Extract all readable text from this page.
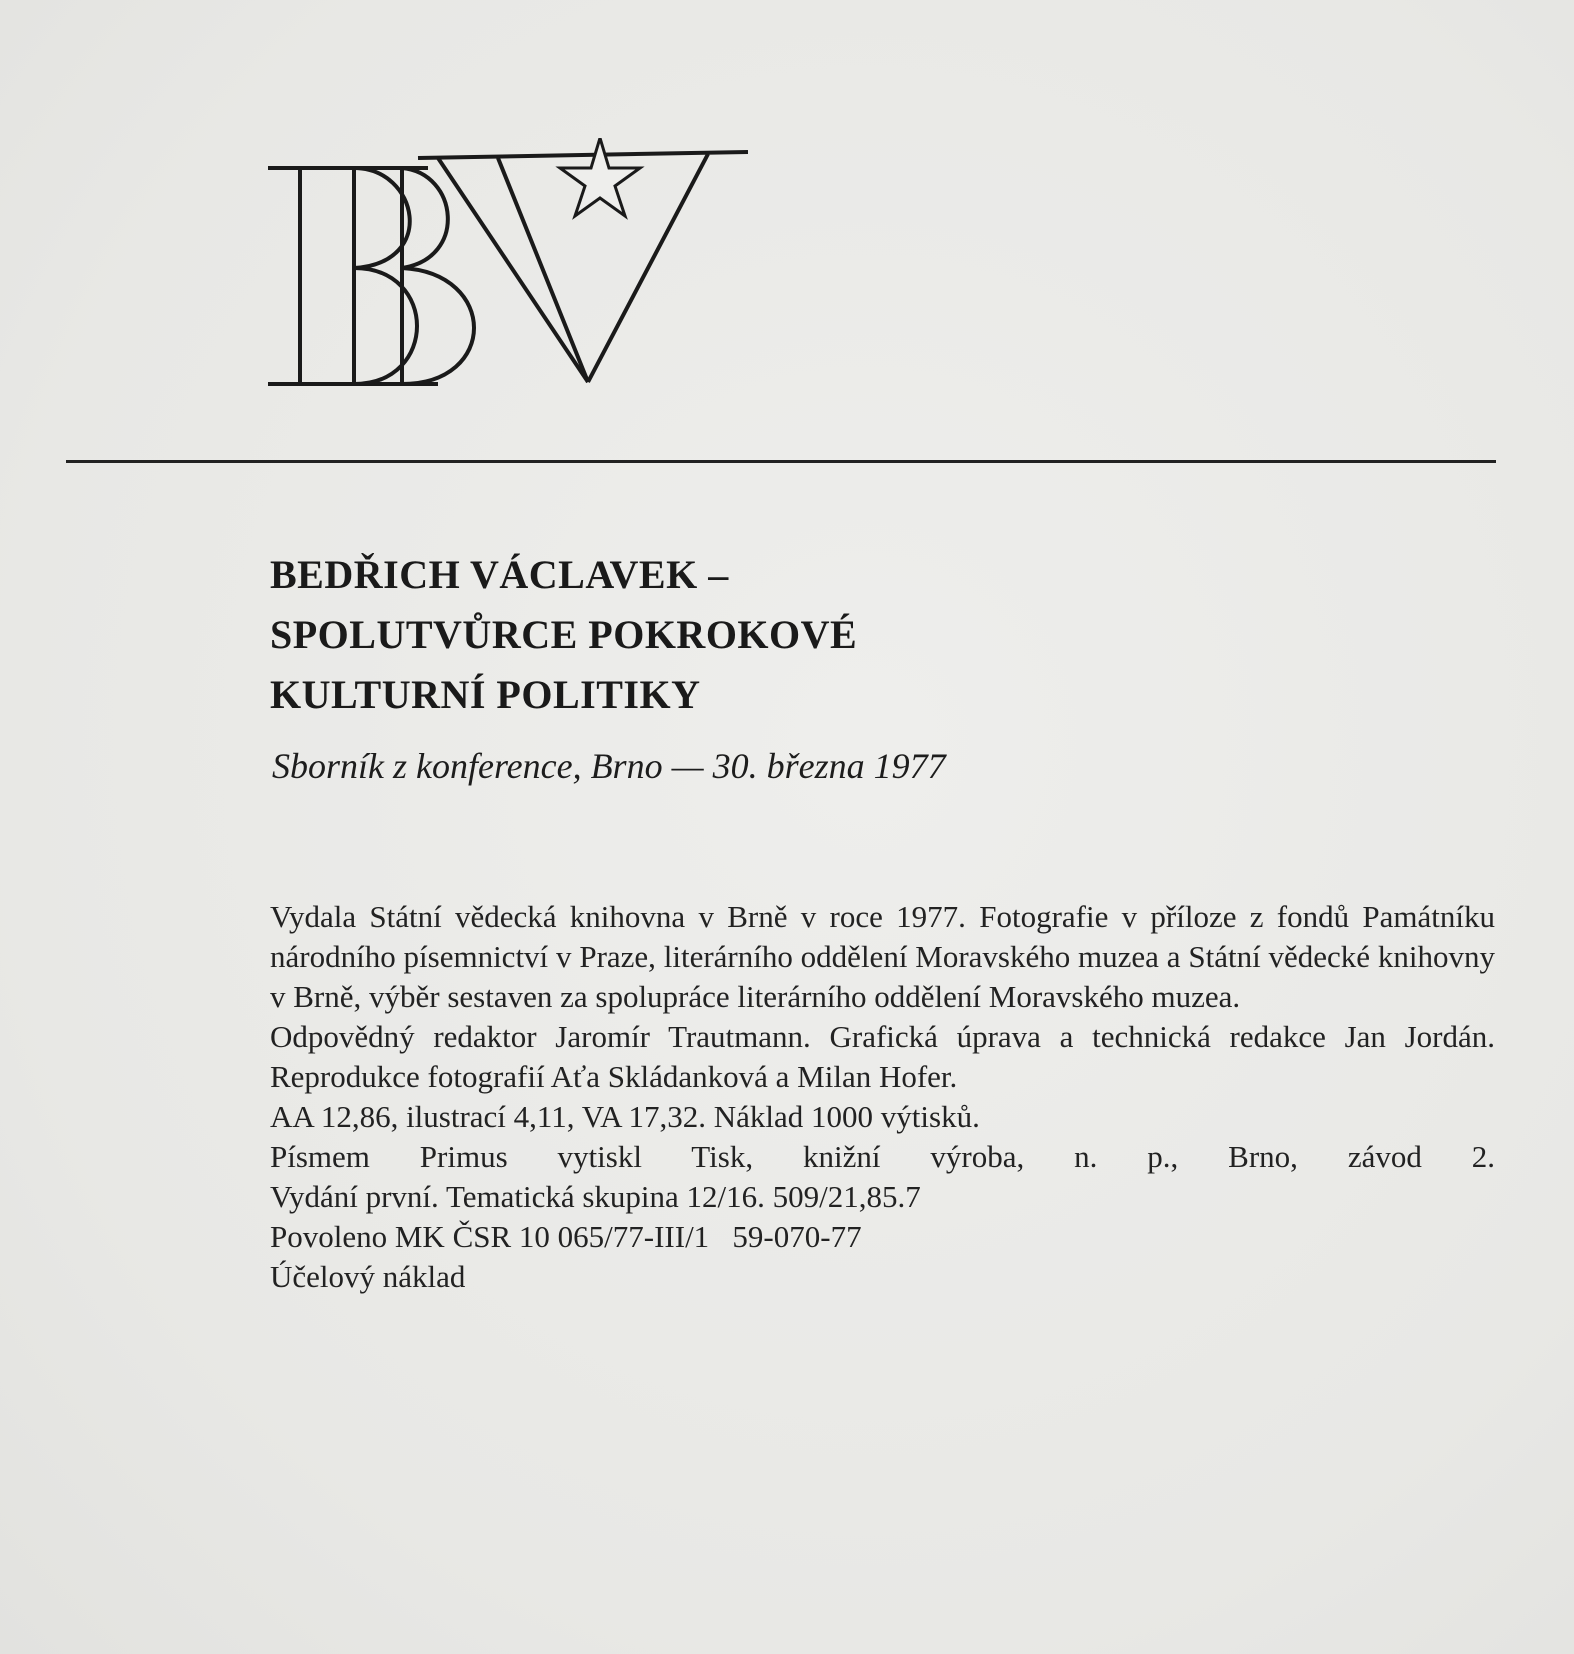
BEDŘICH VÁCLAVEK –
SPOLUTVŮRCE POKROKOVÉ
KULTURNÍ POLITIKY
Sborník z konference, Brno — 30. března 1977
Vydala Státní vědecká knihovna v Brně v roce 1977. Fotografie v příloze z fondů Památníku národního písemnictví v Praze, literárního oddělení Moravského muzea a Státní vědecké knihovny v Brně, výběr sestaven za spolupráce literárního oddělení Moravského muzea.
Odpovědný redaktor Jaromír Trautmann. Grafická úprava a technická redakce Jan Jordán. Reprodukce fotografií Aťa Skládanková a Milan Hofer.
AA 12,86, ilustrací 4,11, VA 17,32. Náklad 1000 výtisků.
Písmem Primus vytiskl Tisk, knižní výroba, n. p., Brno, závod 2.
Vydání první. Tematická skupina 12/16. 509/21,85.7
Povoleno MK ČSR 10 065/77-III/1   59-070-77
Účelový náklad
